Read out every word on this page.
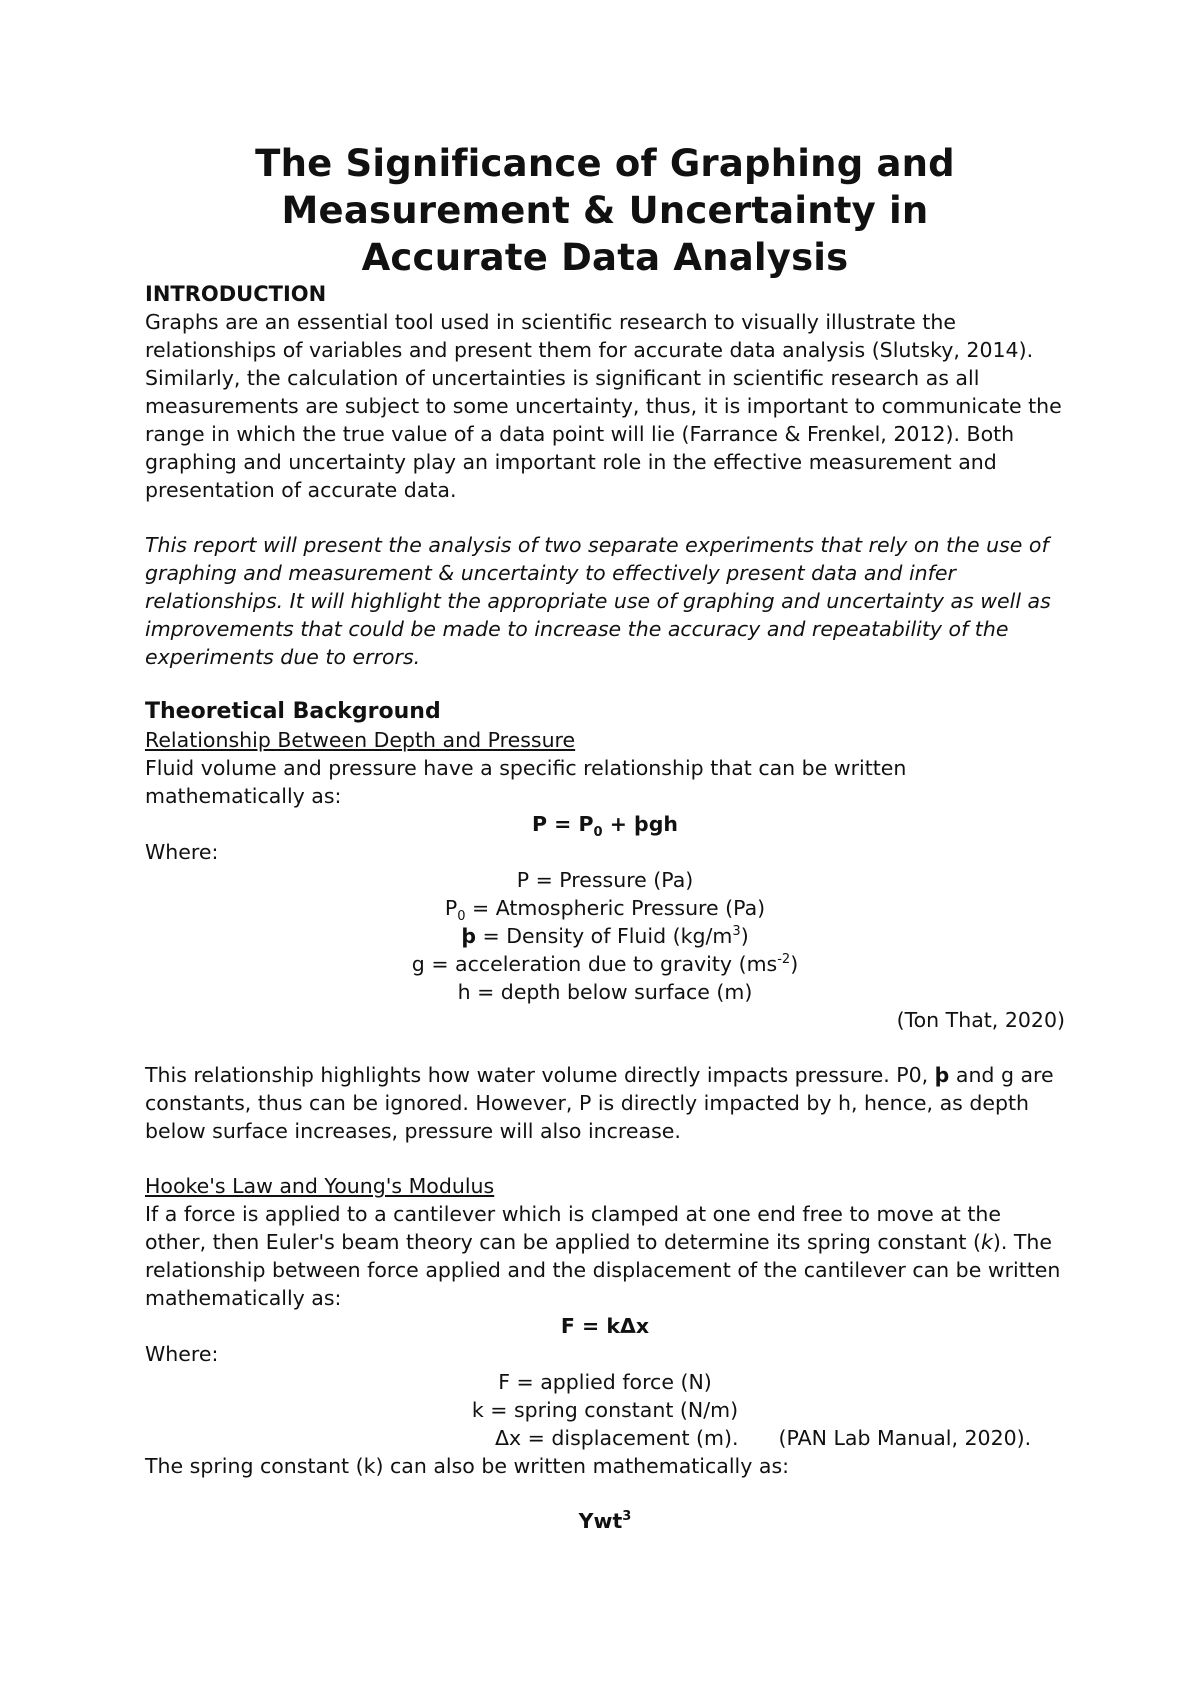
The Significance of Graphing and
Measurement & Uncertainty in
Accurate Data Analysis
INTRODUCTION

Graphs are an essential tool used in scientific research to visually illustrate the relationships of variables and present them for accurate data analysis (Slutsky, 2014). Similarly, the calculation of uncertainties is significant in scientific research as all measurements are subject to some uncertainty, thus, it is important to communicate the range in which the true value of a data point will lie (Farrance & Frenkel, 2012). Both graphing and uncertainty play an important role in the effective measurement and presentation of accurate data.

This report will present the analysis of two separate experiments that rely on the use of graphing and measurement & uncertainty to effectively present data and infer relationships. It will highlight the appropriate use of graphing and uncertainty as well as improvements that could be made to increase the accuracy and repeatability of the experiments due to errors.

Theoretical Background
Relationship Between Depth and Pressure

Fluid volume and pressure have a specific relationship that can be written mathematically as:

$P = P_0$ + þgh
Where:
P = Pressure (Pa)
$P_0$ = Atmospheric Pressure (Pa)
þ = Density of Fluid $(kg/m^3)$
g = acceleration due to gravity $(ms^{-2})$
h = depth below surface (m)
(Ton That, 2020)

This relationship highlights how water volume directly impacts pressure. P0, þ and g are constants, thus can be ignored. However, P is directly impacted by h, hence, as depth below surface increases, pressure will also increase.

Hooke's Law and Young's Modulus

If a force is applied to a cantilever which is clamped at one end free to move at the other, then Euler's beam theory can be applied to determine its spring constant (k). The relationship between force applied and the displacement of the cantilever can be written mathematically as:

F = kΔx
Where:
F = applied force (N)
k = spring constant (N/m)
Δx = displacement (m). (PAN Lab Manual, 2020).
The spring constant (k) can also be written mathematically as:
Ywt$^3$
